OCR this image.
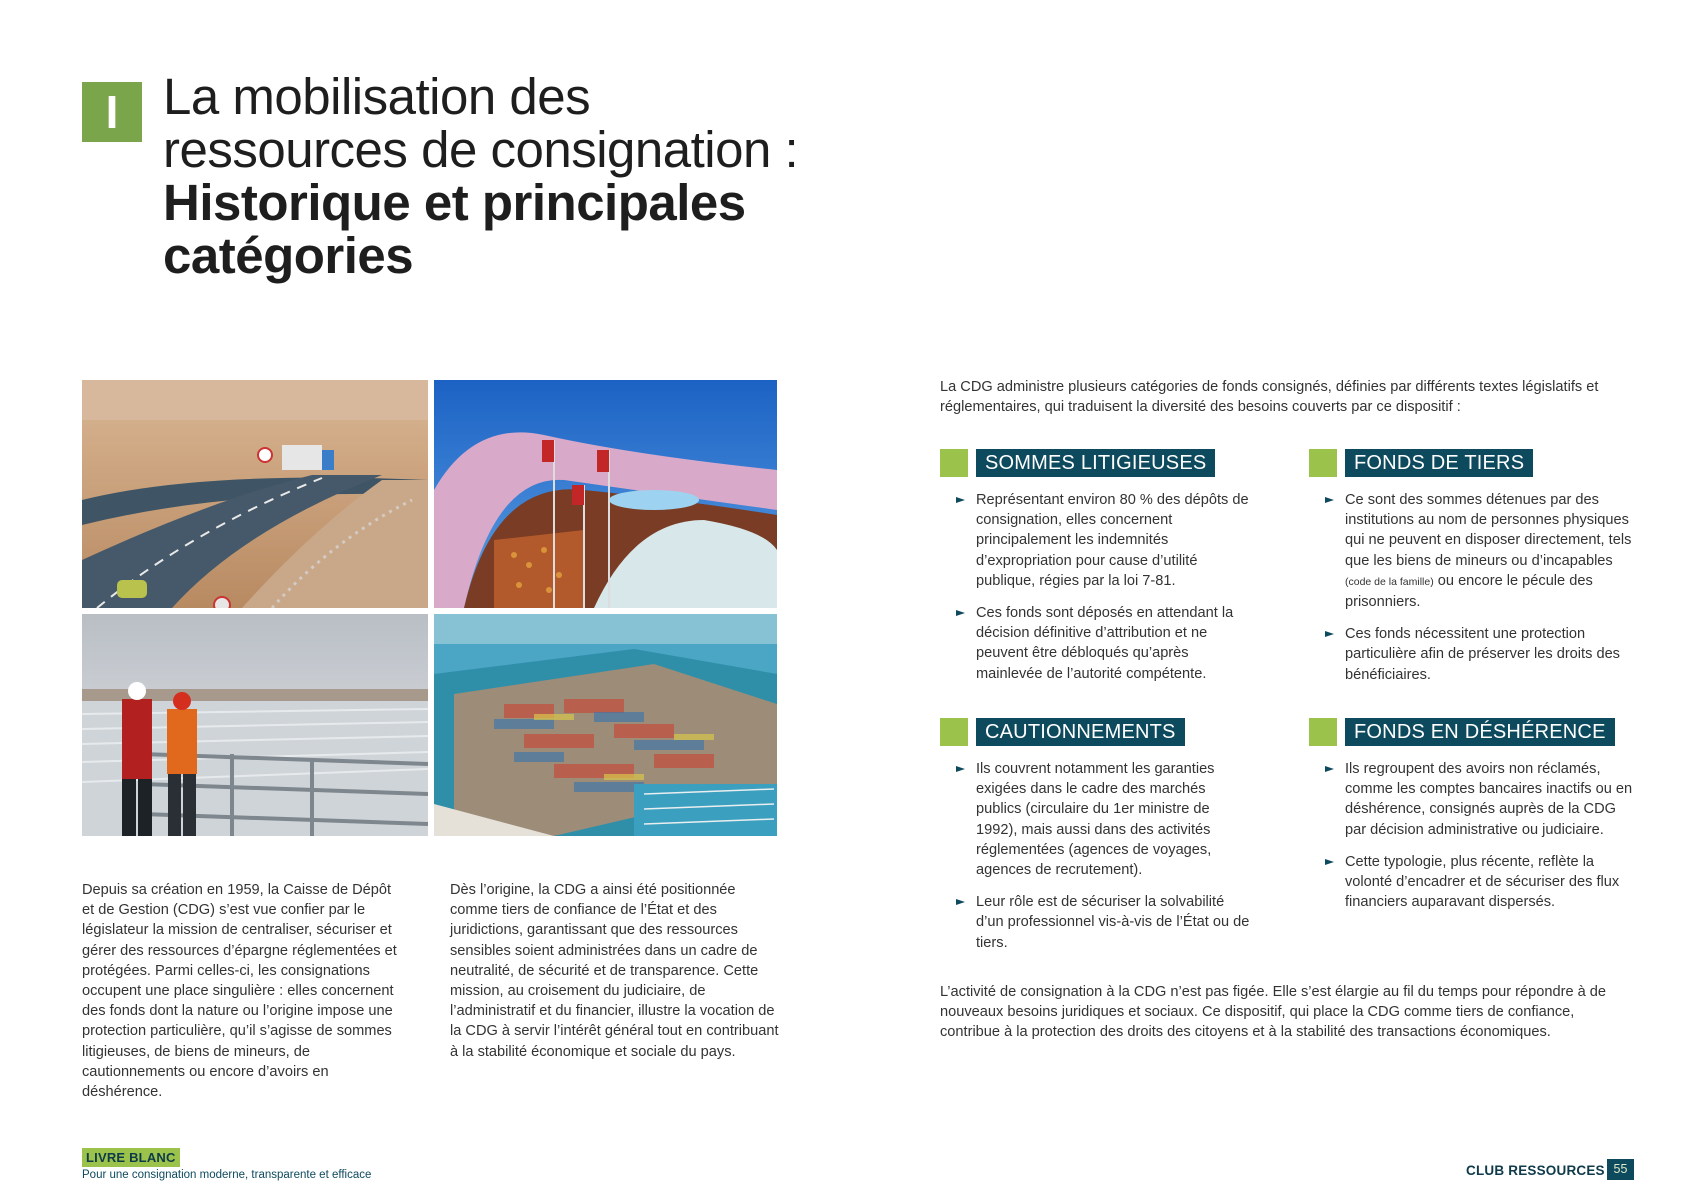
I La mobilisation des
ressources de consignation :
Historique et principales
catégories

Depuis sa création en 1959, la Caisse de Dépôt et de Gestion (CDG) s’est vue confier par le législateur la mission de centraliser, sécuriser et gérer des ressources d’épargne réglementées et protégées. Parmi celles-ci, les consignations occupent une place singulière : elles concernent des fonds dont la nature ou l’origine impose une protection particulière, qu’il s’agisse de sommes litigieuses, de biens de mineurs, de cautionnements ou encore d’avoirs en déshérence.

Dès l’origine, la CDG a ainsi été positionnée comme tiers de confiance de l’État et des juridictions, garantissant que des ressources sensibles soient administrées dans un cadre de neutralité, de sécurité et de transparence. Cette mission, au croisement du judiciaire, de l’administratif et du financier, illustre la vocation de la CDG à servir l’intérêt général tout en contribuant à la stabilité économique et sociale du pays.

La CDG administre plusieurs catégories de fonds consignés, définies par différents textes législatifs et réglementaires, qui traduisent la diversité des besoins couverts par ce dispositif :

SOMMES LITIGIEUSES
Représentant environ 80 % des dépôts de consignation, elles concernent principalement les indemnités d’expropriation pour cause d’utilité publique, régies par la loi 7-81.
Ces fonds sont déposés en attendant la décision définitive d’attribution et ne peuvent être débloqués qu’après mainlevée de l’autorité compétente.
FONDS DE TIERS
Ce sont des sommes détenues par des institutions au nom de personnes physiques qui ne peuvent en disposer directement, tels que les biens de mineurs ou d’incapables (code de la famille) ou encore le pécule des prisonniers.
Ces fonds nécessitent une protection particulière afin de préserver les droits des bénéficiaires.
CAUTIONNEMENTS
Ils couvrent notamment les garanties exigées dans le cadre des marchés publics (circulaire du 1er ministre de 1992), mais aussi dans des activités réglementées (agences de voyages, agences de recrutement).
Leur rôle est de sécuriser la solvabilité d’un professionnel vis-à-vis de l’État ou de tiers.
FONDS EN DÉSHÉRENCE
Ils regroupent des avoirs non réclamés, comme les comptes bancaires inactifs ou en déshérence, consignés auprès de la CDG par décision administrative ou judiciaire.
Cette typologie, plus récente, reflète la volonté d’encadrer et de sécuriser des flux financiers auparavant dispersés.

L’activité de consignation à la CDG n’est pas figée. Elle s’est élargie au fil du temps pour répondre à de nouveaux besoins juridiques et sociaux. Ce dispositif, qui place la CDG comme tiers de confiance, contribue à la protection des droits des citoyens et à la stabilité des transactions économiques.

LIVRE BLANC
Pour une consignation moderne, transparente et efficace	CLUB RESSOURCES 55
